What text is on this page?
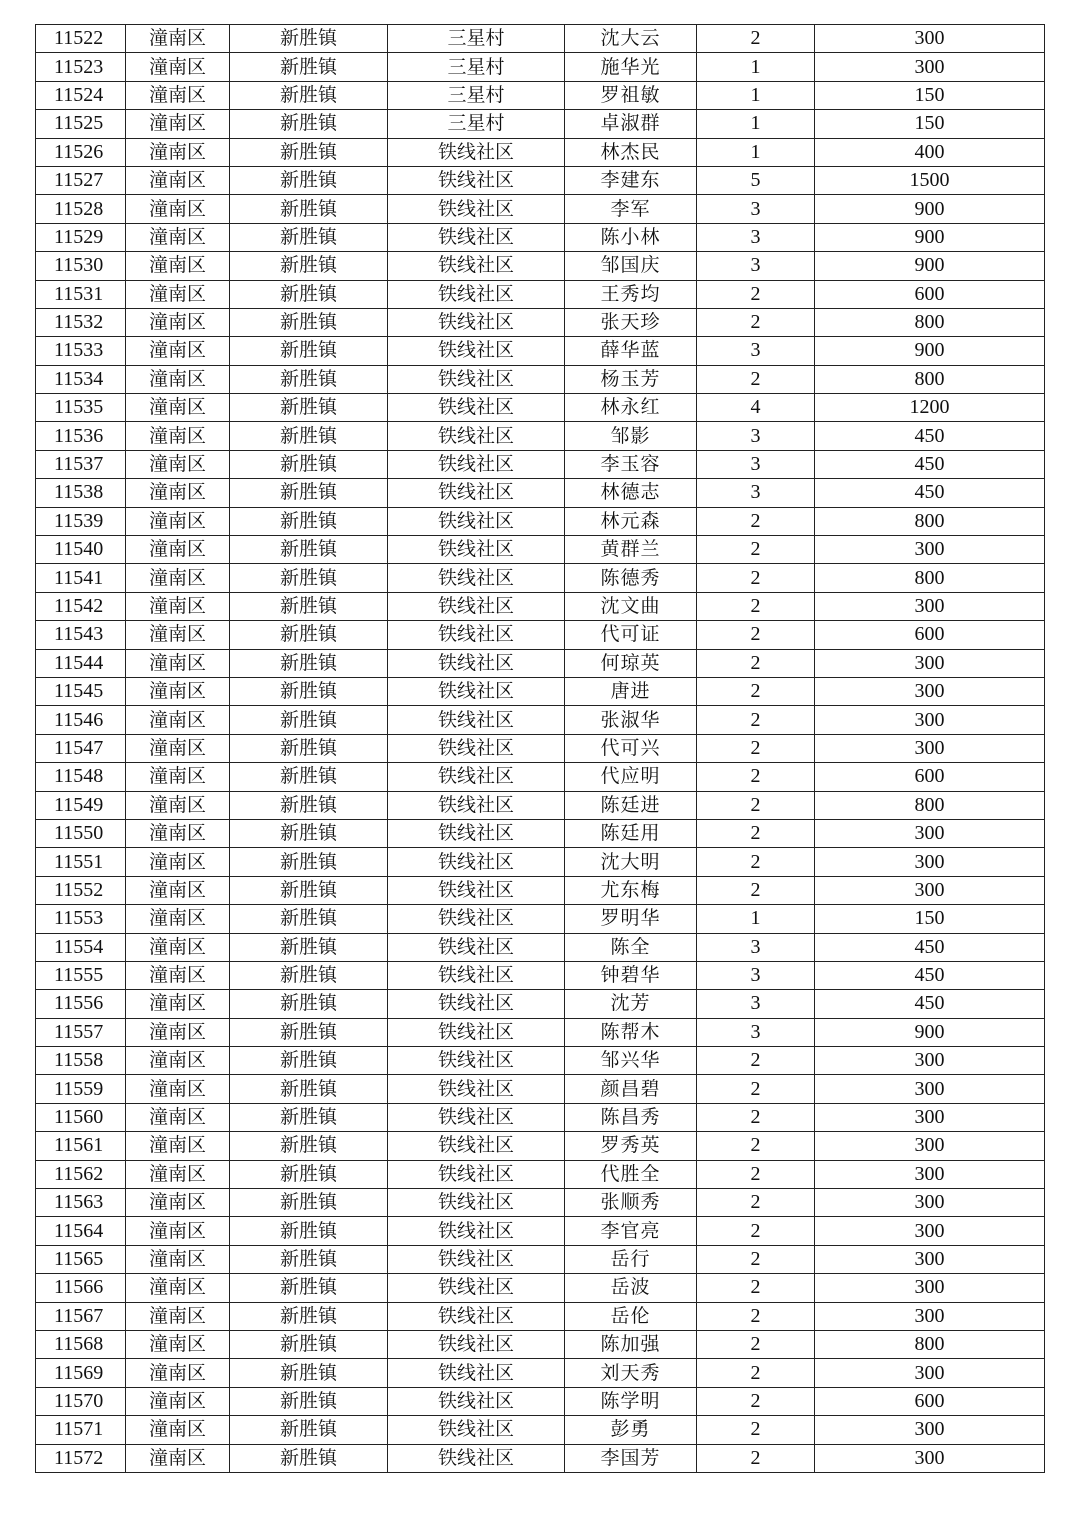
11522	潼南区	新胜镇	三星村	沈大云	2	300
11523	潼南区	新胜镇	三星村	施华光	1	300
11524	潼南区	新胜镇	三星村	罗祖敏	1	150
11525	潼南区	新胜镇	三星村	卓淑群	1	150
11526	潼南区	新胜镇	铁线社区	林杰民	1	400
11527	潼南区	新胜镇	铁线社区	李建东	5	1500
11528	潼南区	新胜镇	铁线社区	李军	3	900
11529	潼南区	新胜镇	铁线社区	陈小林	3	900
11530	潼南区	新胜镇	铁线社区	邹国庆	3	900
11531	潼南区	新胜镇	铁线社区	王秀均	2	600
11532	潼南区	新胜镇	铁线社区	张天珍	2	800
11533	潼南区	新胜镇	铁线社区	薛华蓝	3	900
11534	潼南区	新胜镇	铁线社区	杨玉芳	2	800
11535	潼南区	新胜镇	铁线社区	林永红	4	1200
11536	潼南区	新胜镇	铁线社区	邹影	3	450
11537	潼南区	新胜镇	铁线社区	李玉容	3	450
11538	潼南区	新胜镇	铁线社区	林德志	3	450
11539	潼南区	新胜镇	铁线社区	林元森	2	800
11540	潼南区	新胜镇	铁线社区	黄群兰	2	300
11541	潼南区	新胜镇	铁线社区	陈德秀	2	800
11542	潼南区	新胜镇	铁线社区	沈文曲	2	300
11543	潼南区	新胜镇	铁线社区	代可证	2	600
11544	潼南区	新胜镇	铁线社区	何琼英	2	300
11545	潼南区	新胜镇	铁线社区	唐进	2	300
11546	潼南区	新胜镇	铁线社区	张淑华	2	300
11547	潼南区	新胜镇	铁线社区	代可兴	2	300
11548	潼南区	新胜镇	铁线社区	代应明	2	600
11549	潼南区	新胜镇	铁线社区	陈廷进	2	800
11550	潼南区	新胜镇	铁线社区	陈廷用	2	300
11551	潼南区	新胜镇	铁线社区	沈大明	2	300
11552	潼南区	新胜镇	铁线社区	尤东梅	2	300
11553	潼南区	新胜镇	铁线社区	罗明华	1	150
11554	潼南区	新胜镇	铁线社区	陈全	3	450
11555	潼南区	新胜镇	铁线社区	钟碧华	3	450
11556	潼南区	新胜镇	铁线社区	沈芳	3	450
11557	潼南区	新胜镇	铁线社区	陈帮木	3	900
11558	潼南区	新胜镇	铁线社区	邹兴华	2	300
11559	潼南区	新胜镇	铁线社区	颜昌碧	2	300
11560	潼南区	新胜镇	铁线社区	陈昌秀	2	300
11561	潼南区	新胜镇	铁线社区	罗秀英	2	300
11562	潼南区	新胜镇	铁线社区	代胜全	2	300
11563	潼南区	新胜镇	铁线社区	张顺秀	2	300
11564	潼南区	新胜镇	铁线社区	李官亮	2	300
11565	潼南区	新胜镇	铁线社区	岳行	2	300
11566	潼南区	新胜镇	铁线社区	岳波	2	300
11567	潼南区	新胜镇	铁线社区	岳伦	2	300
11568	潼南区	新胜镇	铁线社区	陈加强	2	800
11569	潼南区	新胜镇	铁线社区	刘天秀	2	300
11570	潼南区	新胜镇	铁线社区	陈学明	2	600
11571	潼南区	新胜镇	铁线社区	彭勇	2	300
11572	潼南区	新胜镇	铁线社区	李国芳	2	300
